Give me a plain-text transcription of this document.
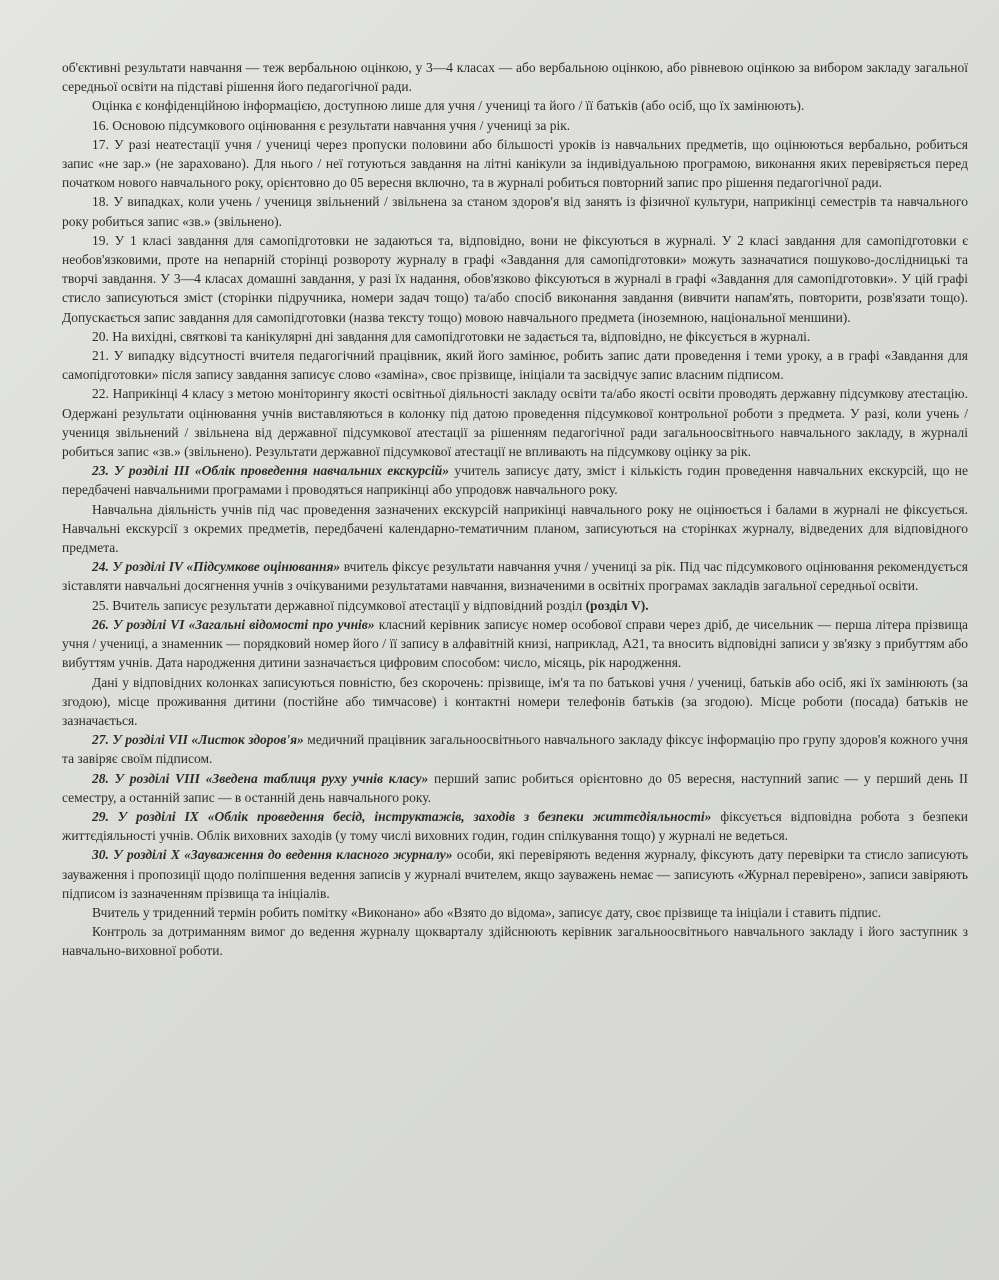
об'єктивні результати навчання — теж вербальною оцінкою, у 3—4 класах — або вербальною оцінкою, або рівневою оцінкою за вибором закладу загальної середньої освіти на підставі рішення його педагогічної ради.

Оцінка є конфіденційною інформацією, доступною лише для учня / учениці та його / її батьків (або осіб, що їх замінюють).

16. Основою підсумкового оцінювання є результати навчання учня / учениці за рік.

17. У разі неатестації учня / учениці через пропуски половини або більшості уроків із навчальних предметів, що оцінюються вербально, робиться запис «не зар.» (не зараховано). Для нього / неї готуються завдання на літні канікули за індивідуальною програмою, виконання яких перевіряється перед початком нового навчального року, орієнтовно до 05 вересня включно, та в журналі робиться повторний запис про рішення педагогічної ради.

18. У випадках, коли учень / учениця звільнений / звільнена за станом здоров'я від занять із фізичної культури, наприкінці семестрів та навчального року робиться запис «зв.» (звільнено).

19. У 1 класі завдання для самопідготовки не задаються та, відповідно, вони не фіксуються в журналі. У 2 класі завдання для самопідготовки є необов'язковими, проте на непарній сторінці розвороту журналу в графі «Завдання для самопідготовки» можуть зазначатися пошуково-дослідницькі та творчі завдання. У 3—4 класах домашні завдання, у разі їх надання, обов'язково фіксуються в журналі в графі «Завдання для самопідготовки». У цій графі стисло записуються зміст (сторінки підручника, номери задач тощо) та/або спосіб виконання завдання (вивчити напам'ять, повторити, розв'язати тощо). Допускається запис завдання для самопідготовки (назва тексту тощо) мовою навчального предмета (іноземною, національної меншини).

20. На вихідні, святкові та канікулярні дні завдання для самопідготовки не задається та, відповідно, не фіксується в журналі.

21. У випадку відсутності вчителя педагогічний працівник, який його замінює, робить запис дати проведення і теми уроку, а в графі «Завдання для самопідготовки» після запису завдання записує слово «заміна», своє прізвище, ініціали та засвідчує запис власним підписом.

22. Наприкінці 4 класу з метою моніторингу якості освітньої діяльності закладу освіти та/або якості освіти проводять державну підсумкову атестацію. Одержані результати оцінювання учнів виставляються в колонку під датою проведення підсумкової контрольної роботи з предмета. У разі, коли учень / учениця звільнений / звільнена від державної підсумкової атестації за рішенням педагогічної ради загальноосвітнього навчального закладу, в журналі робиться запис «зв.» (звільнено). Результати державної підсумкової атестації не впливають на підсумкову оцінку за рік.

23. У розділі III «Облік проведення навчальних екскурсій» учитель записує дату, зміст і кількість годин проведення навчальних екскурсій, що не передбачені навчальними програмами і проводяться наприкінці або упродовж навчального року.

Навчальна діяльність учнів під час проведення зазначених екскурсій наприкінці навчального року не оцінюється і балами в журналі не фіксується. Навчальні екскурсії з окремих предметів, передбачені календарно-тематичним планом, записуються на сторінках журналу, відведених для відповідного предмета.

24. У розділі IV «Підсумкове оцінювання» вчитель фіксує результати навчання учня / учениці за рік. Під час підсумкового оцінювання рекомендується зіставляти навчальні досягнення учнів з очікуваними результатами навчання, визначеними в освітніх програмах закладів загальної середньої освіти.

25. Вчитель записує результати державної підсумкової атестації у відповідний розділ (розділ V).

26. У розділі VI «Загальні відомості про учнів» класний керівник записує номер особової справи через дріб, де чисельник — перша літера прізвища учня / учениці, а знаменник — порядковий номер його / її запису в алфавітній книзі, наприклад, А21, та вносить відповідні записи у зв'язку з прибуттям або вибуттям учнів. Дата народження дитини зазначається цифровим способом: число, місяць, рік народження.

Дані у відповідних колонках записуються повністю, без скорочень: прізвище, ім'я та по батькові учня / учениці, батьків або осіб, які їх замінюють (за згодою), місце проживання дитини (постійне або тимчасове) і контактні номери телефонів батьків (за згодою). Місце роботи (посада) батьків не зазначається.

27. У розділі VII «Листок здоров'я» медичний працівник загальноосвітнього навчального закладу фіксує інформацію про групу здоров'я кожного учня та завіряє своїм підписом.

28. У розділі VIII «Зведена таблиця руху учнів класу» перший запис робиться орієнтовно до 05 вересня, наступний запис — у перший день II семестру, а останній запис — в останній день навчального року.

29. У розділі IX «Облік проведення бесід, інструктажів, заходів з безпеки життєдіяльності» фіксується відповідна робота з безпеки життєдіяльності учнів. Облік виховних заходів (у тому числі виховних годин, годин спілкування тощо) у журналі не ведеться.

30. У розділі X «Зауваження до ведення класного журналу» особи, які перевіряють ведення журналу, фіксують дату перевірки та стисло записують зауваження і пропозиції щодо поліпшення ведення записів у журналі вчителем, якщо зауважень немає — записують «Журнал перевірено», записи завіряють підписом із зазначенням прізвища та ініціалів.

Вчитель у триденний термін робить помітку «Виконано» або «Взято до відома», записує дату, своє прізвище та ініціали і ставить підпис.

Контроль за дотриманням вимог до ведення журналу щокварталу здійснюють керівник загальноосвітнього навчального закладу і його заступник з навчально-виховної роботи.
